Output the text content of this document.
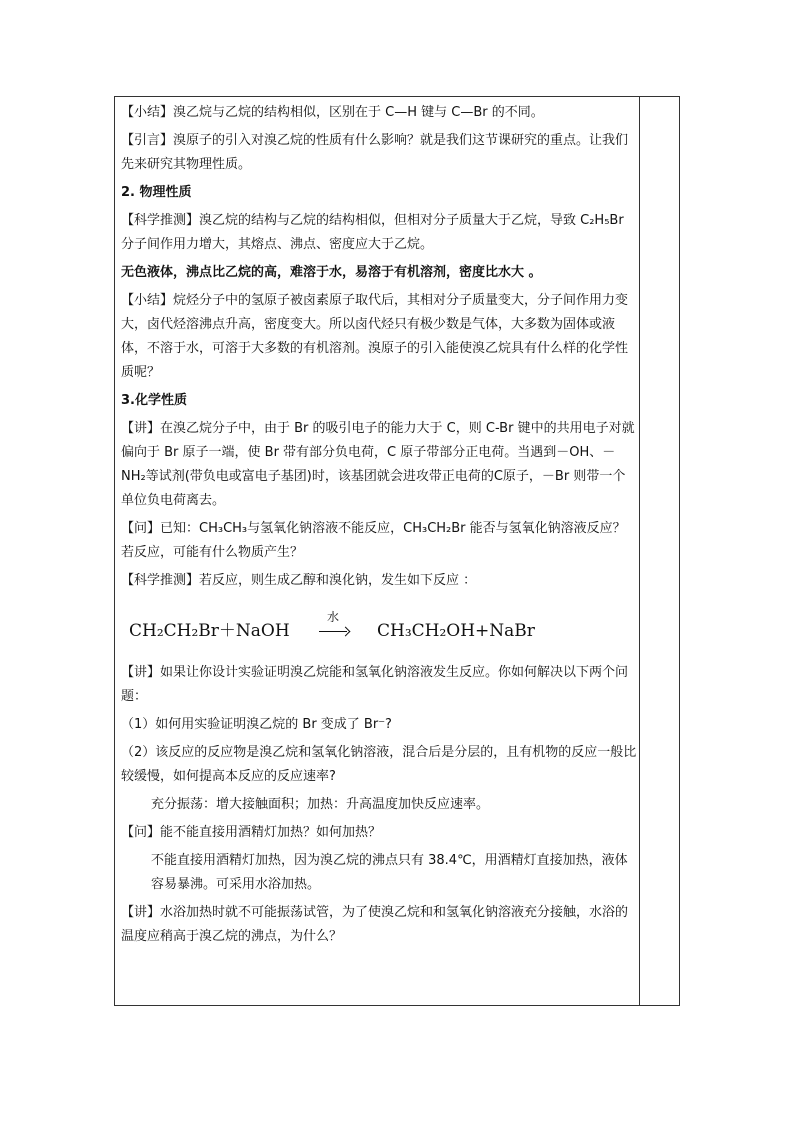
【小结】溴乙烷与乙烷的结构相似，区别在于 C—H 键与 C—Br 的不同。

【引言】溴原子的引入对溴乙烷的性质有什么影响？就是我们这节课研究的重点。让我们先来研究其物理性质。

2. 物理性质

【科学推测】溴乙烷的结构与乙烷的结构相似，但相对分子质量大于乙烷，导致 C₂H₅Br 分子间作用力增大，其熔点、沸点、密度应大于乙烷。

无色液体，沸点比乙烷的高，难溶于水，易溶于有机溶剂，密度比水大 。

【小结】烷烃分子中的氢原子被卤素原子取代后，其相对分子质量变大，分子间作用力变大，卤代烃溶沸点升高，密度变大。所以卤代烃只有极少数是气体，大多数为固体或液体，不溶于水，可溶于大多数的有机溶剂。溴原子的引入能使溴乙烷具有什么样的化学性质呢？

3.化学性质

【讲】在溴乙烷分子中，由于 Br 的吸引电子的能力大于 C，则 C-Br 键中的共用电子对就偏向于 Br 原子一端，使 Br 带有部分负电荷，C 原子带部分正电荷。当遇到－OH、－NH₂等试剂(带负电或富电子基团)时，该基团就会进攻带正电荷的C原子，－Br 则带一个单位负电荷离去。

【问】已知：CH₃CH₃与氢氧化钠溶液不能反应，CH₃CH₂Br 能否与氢氧化钠溶液反应？若反应，可能有什么物质产生？

【科学推测】若反应，则生成乙醇和溴化钠，发生如下反应 ：

CH₂CH₂Br＋NaOH
水
CH₃CH₂OH+NaBr

【讲】如果让你设计实验证明溴乙烷能和氢氧化钠溶液发生反应。你如何解决以下两个问题：

（1）如何用实验证明溴乙烷的 Br 变成了 Br⁻?

（2）该反应的反应物是溴乙烷和氢氧化钠溶液，混合后是分层的，且有机物的反应一般比较缓慢，如何提高本反应的反应速率?

充分振荡：增大接触面积；加热：升高温度加快反应速率。

【问】能不能直接用酒精灯加热？如何加热？

不能直接用酒精灯加热，因为溴乙烷的沸点只有 38.4℃，用酒精灯直接加热，液体容易暴沸。可采用水浴加热。

【讲】水浴加热时就不可能振荡试管，为了使溴乙烷和和氢氧化钠溶液充分接触，水浴的温度应稍高于溴乙烷的沸点，为什么？
